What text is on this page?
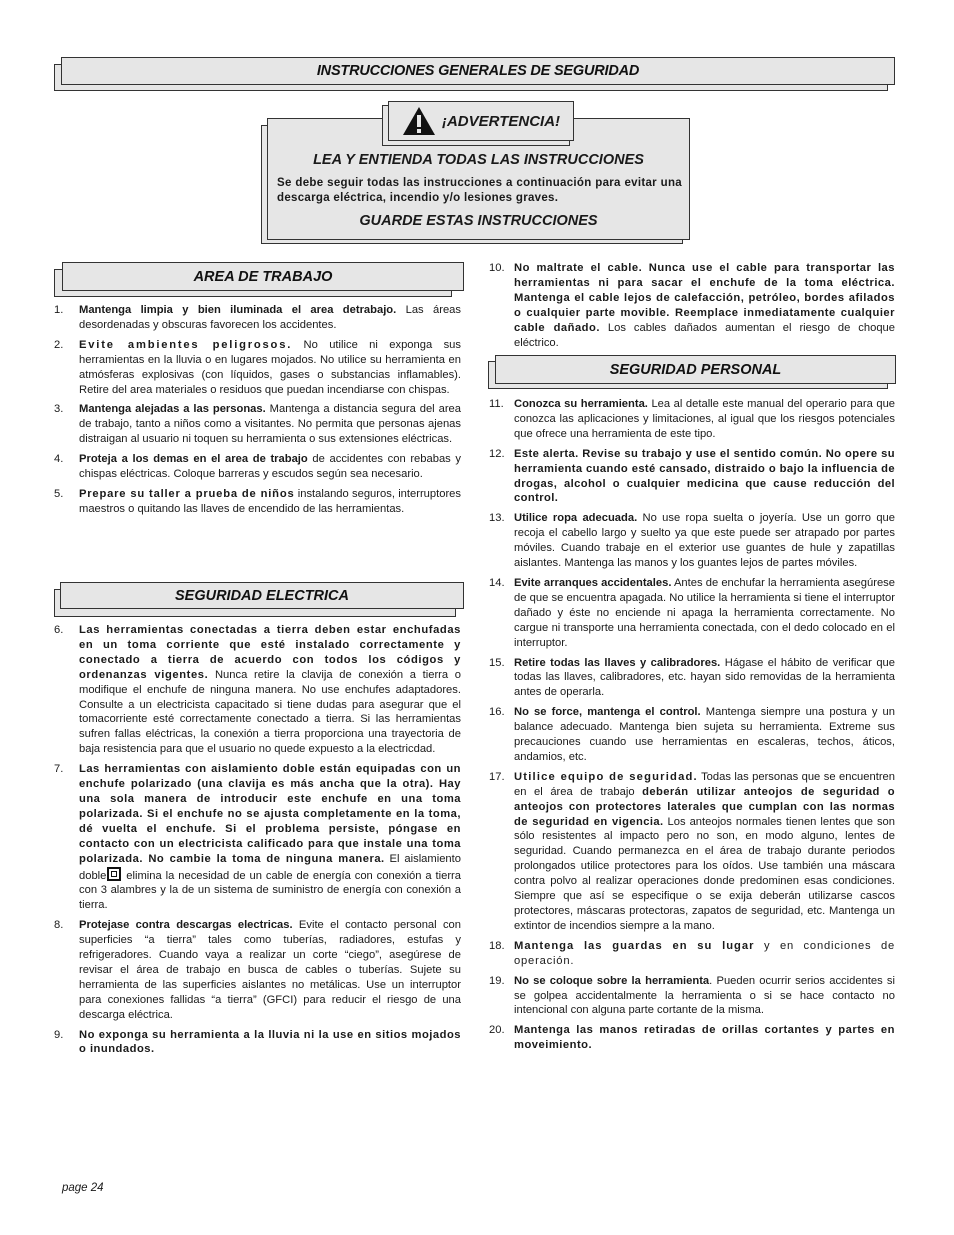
INSTRUCCIONES GENERALES DE SEGURIDAD
¡ADVERTENCIA!
LEA Y ENTIENDA TODAS LAS INSTRUCCIONES
Se debe seguir todas las instrucciones a continuación para evitar una descarga eléctrica, incendio y/o lesiones graves.
GUARDE ESTAS INSTRUCCIONES
AREA DE TRABAJO
1. Mantenga limpia y bien iluminada el area detrabajo. Las áreas desordenadas y obscuras favorecen los accidentes.
2. Evite ambientes peligrosos. No utilice ni exponga sus herramientas en la lluvia o en lugares mojados. No utilice su herramienta en atmósferas explosivas (con líquidos, gases o substancias inflamables). Retire del area materiales o residuos que puedan incendiarse con chispas.
3. Mantenga alejadas a las personas. Mantenga a distancia segura del area de trabajo, tanto a niños como a visitantes. No permita que personas ajenas distraigan al usuario ni toquen su herramienta o sus extensiones eléctricas.
4. Proteja a los demas en el area de trabajo de accidentes con rebabas y chispas eléctricas. Coloque barreras y escudos según sea necesario.
5. Prepare su taller a prueba de niños instalando seguros, interruptores maestros o quitando las llaves de encendido de las herramientas.
SEGURIDAD ELECTRICA
6. Las herramientas conectadas a tierra deben estar enchufadas en un toma corriente que esté instalado correctamente y conectado a tierra de acuerdo con todos los códigos y ordenanzas vigentes. Nunca retire la clavija de conexión a tierra o modifique el enchufe de ninguna manera. No use enchufes adaptadores. Consulte a un electricista capacitado si tiene dudas para asegurar que el tomacorriente esté correctamente conectado a tierra. Si las herramientas sufren fallas eléctricas, la conexión a tierra proporciona una trayectoria de baja resistencia para que el usuario no quede expuesto a la electricdad.
7. Las herramientas con aislamiento doble están equipadas con un enchufe polarizado (una clavija es más ancha que la otra). Hay una sola manera de introducir este enchufe en una toma polarizada. Si el enchufe no se ajusta completamente en la toma, dé vuelta el enchufe. Si el problema persiste, póngase en contacto con un electricista calificado para que instale una toma polarizada. No cambie la toma de ninguna manera. El aislamiento doble
elimina la necesidad de un cable de energía con conexión a tierra con 3 alambres y la de un sistema de suministro de energía con conexión a tierra.
8. Protejase contra descargas electricas. Evite el contacto personal con superficies “a tierra” tales como tuberías, radiadores, estufas y refrigeradores. Cuando vaya a realizar un corte “ciego”, asegúrese de revisar el área de trabajo en busca de cables o tuberías. Sujete su herramienta de las superficies aislantes no metálicas. Use un interruptor para conexiones fallidas “a tierra” (GFCI) para reducir el riesgo de una descarga eléctrica.
9. No exponga su herramienta a la lluvia ni la use en sitios mojados o inundados.
10. No maltrate el cable. Nunca use el cable para transportar las herramientas ni para sacar el enchufe de la toma eléctrica. Mantenga el cable lejos de calefacción, petróleo, bordes afilados o cualquier parte movible. Reemplace inmediatamente cualquier cable dañado. Los cables dañados aumentan el riesgo de choque eléctrico.
SEGURIDAD PERSONAL
11. Conozca su herramienta. Lea al detalle este manual del operario para que conozca las aplicaciones y limitaciones, al igual que los riesgos potenciales que ofrece una herramienta de este tipo.
12. Este alerta. Revise su trabajo y use el sentido común. No opere su herramienta cuando esté cansado, distraido o bajo la influencia de drogas, alcohol o cualquier medicina que cause reducción del control.
13. Utilice ropa adecuada. No use ropa suelta o joyería. Use un gorro que recoja el cabello largo y suelto ya que este puede ser atrapado por partes móviles. Cuando trabaje en el exterior use guantes de hule y zapatillas aislantes. Mantenga las manos y los guantes lejos de partes móviles.
14. Evite arranques accidentales. Antes de enchufar la herramienta asegúrese de que se encuentra apagada. No utilice la herramienta si tiene el interruptor dañado y éste no enciende ni apaga la herramienta correctamente. No cargue ni transporte una herramienta conectada, con el dedo colocado en el interruptor.
15. Retire todas las llaves y calibradores. Hágase el hábito de verificar que todas las llaves, calibradores, etc. hayan sido removidas de la herramienta antes de operarla.
16. No se force, mantenga el control. Mantenga siempre una postura y un balance adecuado. Mantenga bien sujeta su herramienta. Extreme sus precauciones cuando use herramientas en escaleras, techos, áticos, andamios, etc.
17. Utilice equipo de seguridad. Todas las personas que se encuentren en el área de trabajo deberán utilizar anteojos de seguridad o anteojos con protectores laterales que cumplan con las normas de seguridad en vigencia. Los anteojos normales tienen lentes que son sólo resistentes al impacto pero no son, en modo alguno, lentes de seguridad. Cuando permanezca en el área de trabajo durante periodos prolongados utilice protectores para los oídos. Use también una máscara contra polvo al realizar operaciones donde predominen esas condiciones. Siempre que así se especifique o se exija deberán utilizarse cascos protectores, máscaras protectoras, zapatos de seguridad, etc. Mantenga un extintor de incendios siempre a la mano.
18. Mantenga las guardas en su lugar y en condiciones de operación.
19. No se coloque sobre la herramienta. Pueden ocurrir serios accidentes si se golpea accidentalmente la herramienta o si se hace contacto no intencional con alguna parte cortante de la misma.
20. Mantenga las manos retiradas de orillas cortantes y partes en moveimiento.
page 24
